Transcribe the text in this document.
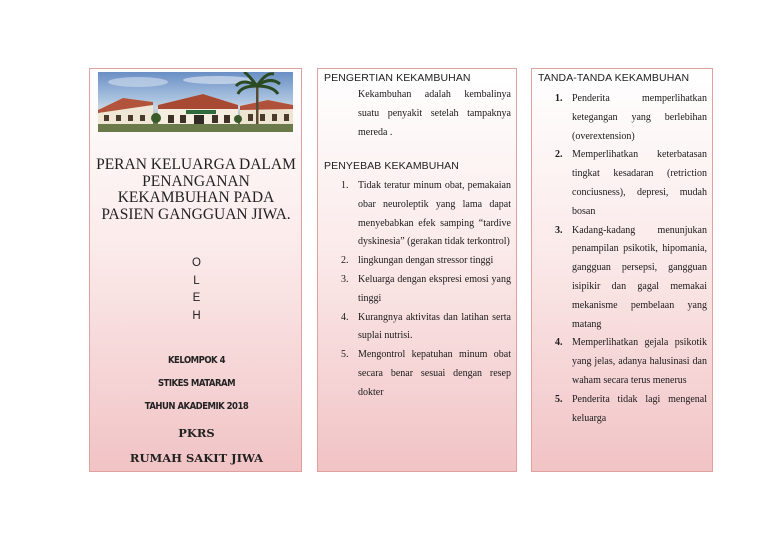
PERAN KELUARGA DALAM PENANGANAN KEKAMBUHAN PADA PASIEN GANGGUAN JIWA.
O
L
E
H
KELOMPOK 4
STIKES MATARAM
TAHUN AKADEMIK 2018
PKRS
RUMAH SAKIT JIWA
PENGERTIAN KEKAMBUHAN
Kekambuhan adalah kembalinya suatu penyakit setelah tampaknya mereda .
PENYEBAB KEKAMBUHAN
1. Tidak teratur minum obat, pemakaian obar neuroleptik yang lama dapat menyebabkan efek samping “tardive dyskinesia” (gerakan tidak terkontrol)
2. lingkungan dengan stressor tinggi
3. Keluarga dengan ekspresi emosi yang tinggi
4. Kurangnya aktivitas dan latihan serta suplai nutrisi.
5. Mengontrol kepatuhan minum obat secara benar sesuai dengan resep dokter
TANDA-TANDA KEKAMBUHAN
1. Penderita memperlihatkan ketegangan yang berlebihan (overextension)
2. Memperlihatkan keterbatasan tingkat kesadaran (retriction conciusness), depresi, mudah bosan
3. Kadang-kadang menunjukan penampilan psikotik, hipomania, gangguan persepsi, gangguan isipikir dan gagal memakai mekanisme pembelaan yang matang
4. Memperlihatkan gejala psikotik yang jelas, adanya halusinasi dan waham secara terus menerus
5. Penderita tidak lagi mengenal keluarga
